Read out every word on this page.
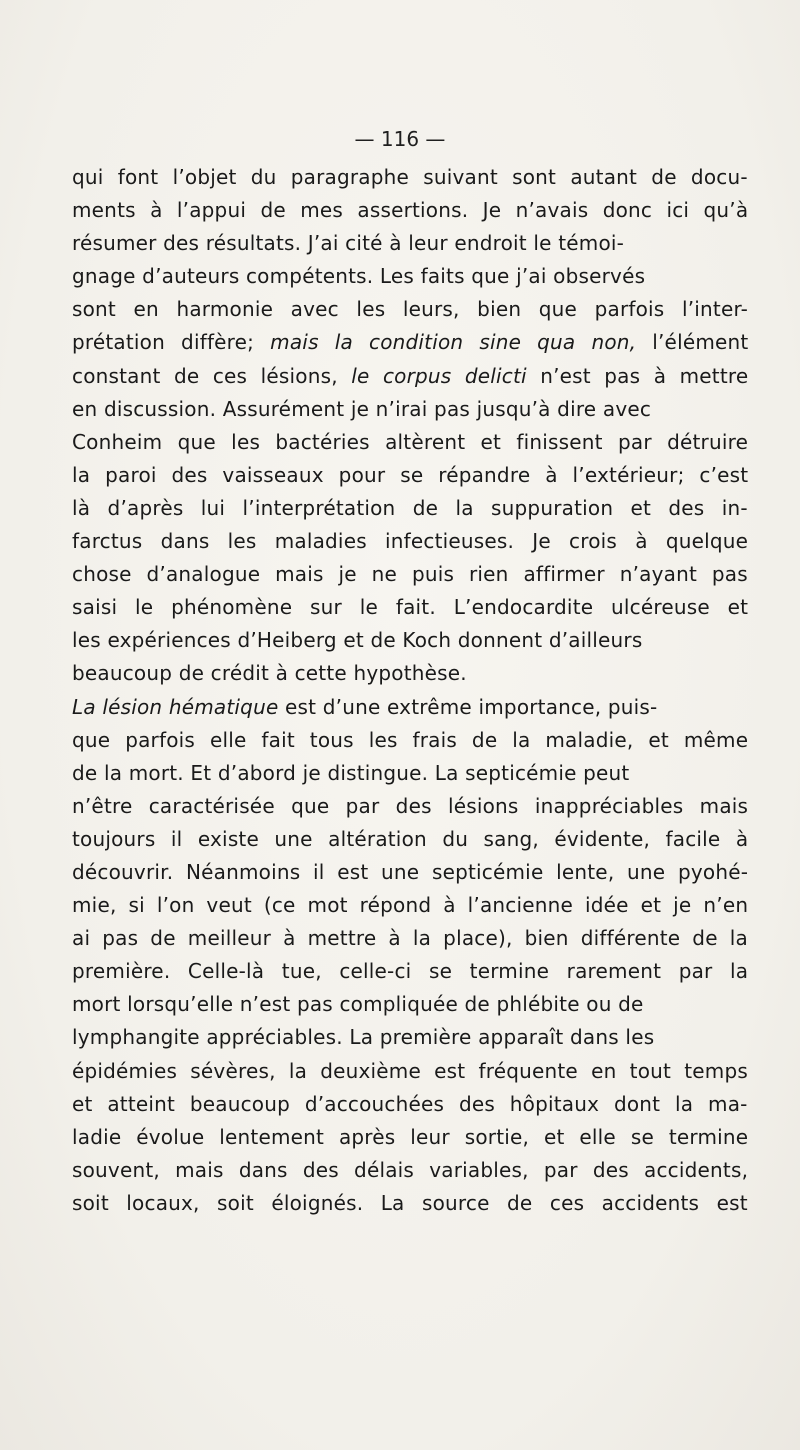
— 116 —
qui font l’objet du paragraphe suivant sont autant de docu-
ments à l’appui de mes assertions. Je n’avais donc ici qu’à
résumer des résultats. J’ai cité à leur endroit le témoi-
gnage d’auteurs compétents. Les faits que j’ai observés
sont en harmonie avec les leurs, bien que parfois l’inter-
prétation diffère; mais la condition sine qua non, l’élément
constant de ces lésions, le corpus delicti n’est pas à mettre
en discussion. Assurément je n’irai pas jusqu’à dire avec
Conheim que les bactéries altèrent et finissent par détruire
la paroi des vaisseaux pour se répandre à l’extérieur; c’est
là d’après lui l’interprétation de la suppuration et des in-
farctus dans les maladies infectieuses. Je crois à quelque
chose d’analogue mais je ne puis rien affirmer n’ayant pas
saisi le phénomène sur le fait. L’endocardite ulcéreuse et
les expériences d’Heiberg et de Koch donnent d’ailleurs
beaucoup de crédit à cette hypothèse.
La lésion hématique est d’une extrême importance, puis-
que parfois elle fait tous les frais de la maladie, et même
de la mort. Et d’abord je distingue. La septicémie peut
n’être caractérisée que par des lésions inappréciables mais
toujours il existe une altération du sang, évidente, facile à
découvrir. Néanmoins il est une septicémie lente, une pyohé-
mie, si l’on veut (ce mot répond à l’ancienne idée et je n’en
ai pas de meilleur à mettre à la place), bien différente de la
première. Celle-là tue, celle-ci se termine rarement par la
mort lorsqu’elle n’est pas compliquée de phlébite ou de
lymphangite appréciables. La première apparaît dans les
épidémies sévères, la deuxième est fréquente en tout temps
et atteint beaucoup d’accouchées des hôpitaux dont la ma-
ladie évolue lentement après leur sortie, et elle se termine
souvent, mais dans des délais variables, par des accidents,
soit locaux, soit éloignés. La source de ces accidents est
